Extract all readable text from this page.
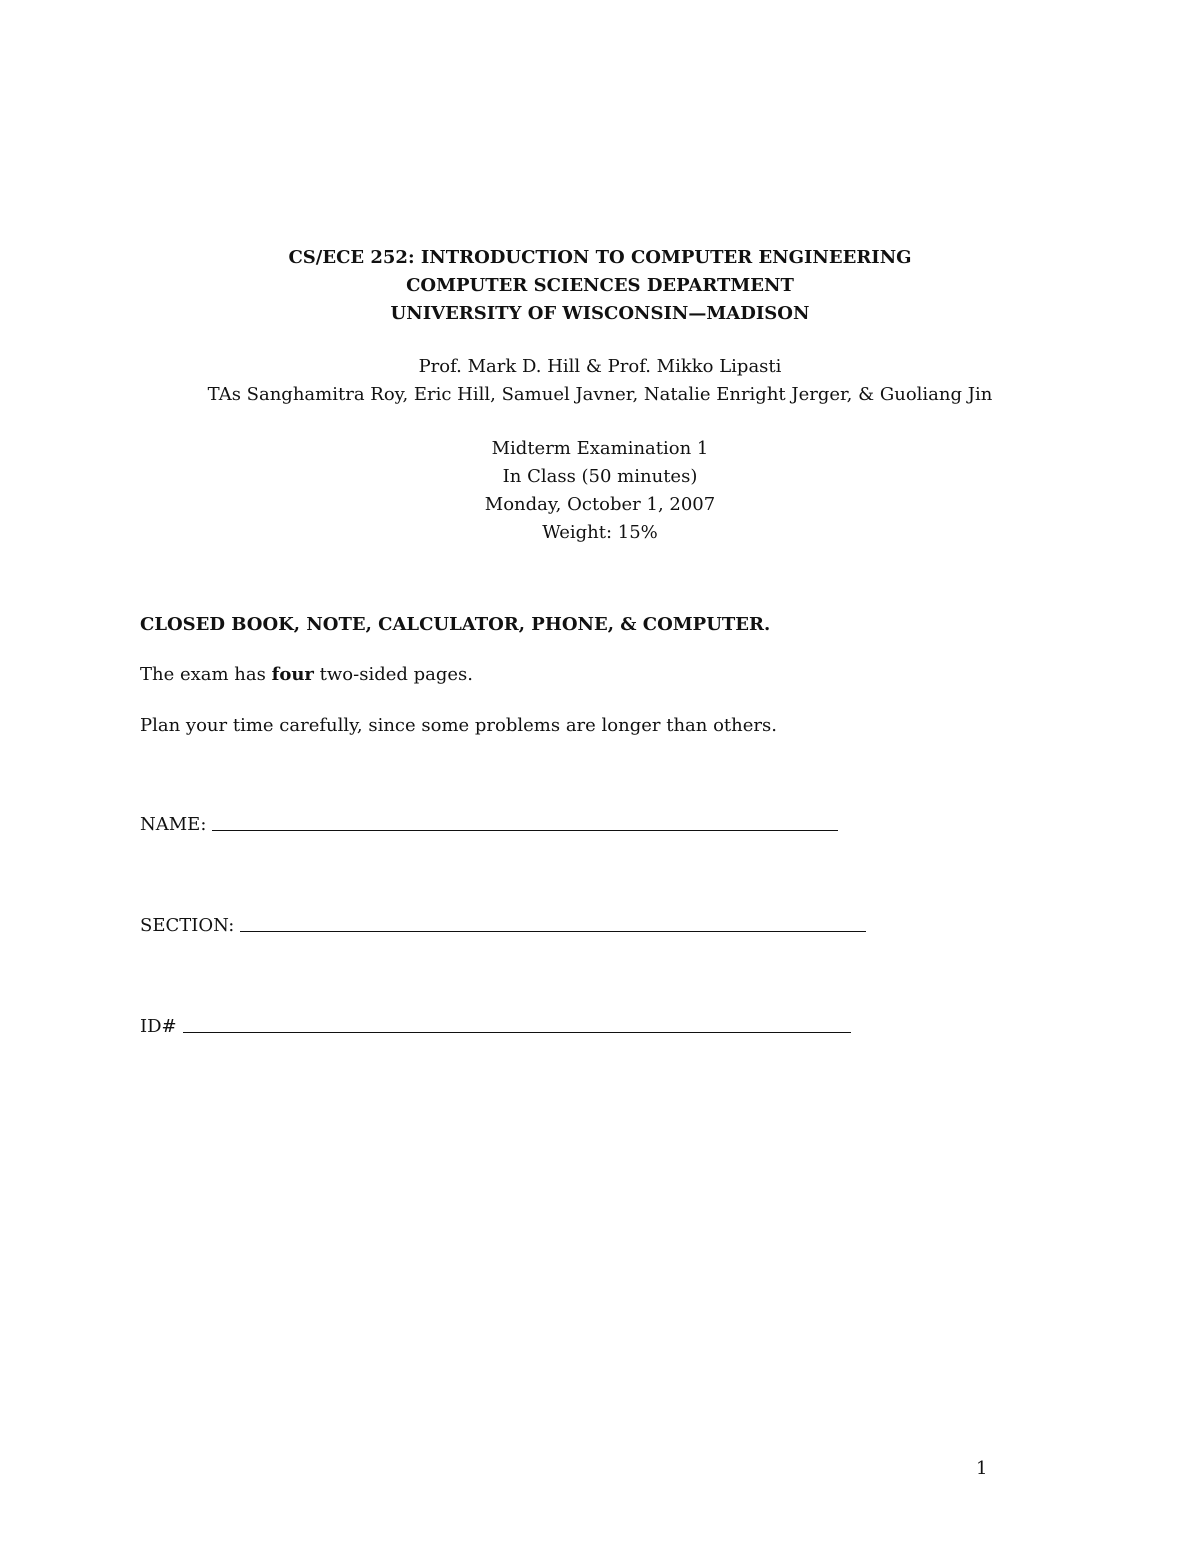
CS/ECE 252: INTRODUCTION TO COMPUTER ENGINEERING
COMPUTER SCIENCES DEPARTMENT
UNIVERSITY OF WISCONSIN—MADISON
Prof. Mark D. Hill & Prof. Mikko Lipasti
TAs Sanghamitra Roy, Eric Hill, Samuel Javner, Natalie Enright Jerger, & Guoliang Jin
Midterm Examination 1
In Class (50 minutes)
Monday, October 1, 2007
Weight: 15%
CLOSED BOOK, NOTE, CALCULATOR, PHONE, & COMPUTER.
The exam has four two-sided pages.
Plan your time carefully, since some problems are longer than others.
NAME:
SECTION:
ID#
1
